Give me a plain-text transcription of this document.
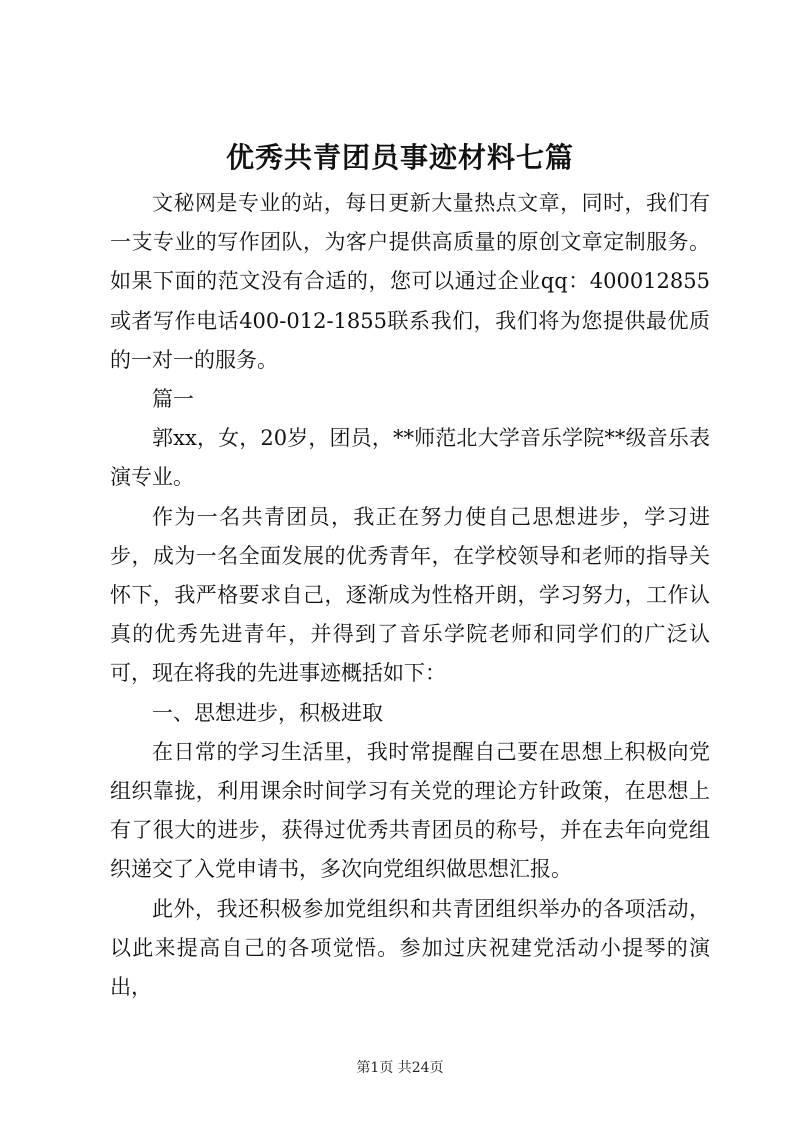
优秀共青团员事迹材料七篇

文秘网是专业的站，每日更新大量热点文章，同时，我们有一支专业的写作团队，为客户提供高质量的原创文章定制服务。如果下面的范文没有合适的，您可以通过企业qq：400012855或者写作电话400-012-1855联系我们，我们将为您提供最优质的一对一的服务。

篇一

郭xx，女，20岁，团员，**师范北大学音乐学院**级音乐表演专业。

作为一名共青团员，我正在努力使自己思想进步，学习进步，成为一名全面发展的优秀青年，在学校领导和老师的指导关怀下，我严格要求自己，逐渐成为性格开朗，学习努力，工作认真的优秀先进青年，并得到了音乐学院老师和同学们的广泛认可，现在将我的先进事迹概括如下：

一、思想进步，积极进取

在日常的学习生活里，我时常提醒自己要在思想上积极向党组织靠拢，利用课余时间学习有关党的理论方针政策，在思想上有了很大的进步，获得过优秀共青团员的称号，并在去年向党组织递交了入党申请书，多次向党组织做思想汇报。

此外，我还积极参加党组织和共青团组织举办的各项活动，以此来提高自己的各项觉悟。参加过庆祝建党活动小提琴的演出，

第1页 共24页
